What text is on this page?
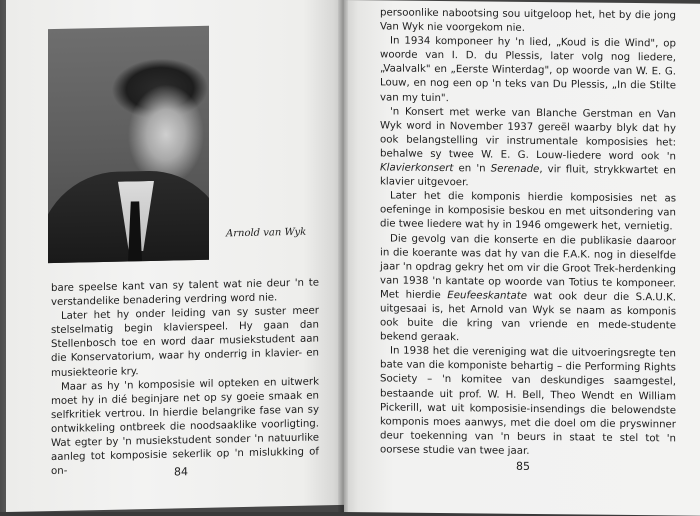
Arnold van Wyk

bare speelse kant van sy talent wat nie deur 'n te verstandelike benadering verdring word nie.

Later het hy onder leiding van sy suster meer stelselmatig begin klavierspeel. Hy gaan dan Stellenbosch toe en word daar musiekstudent aan die Konservatorium, waar hy onderrig in klavier- en musiekteorie kry.

Maar as hy 'n komposisie wil opteken en uitwerk moet hy in dié beginjare net op sy goeie smaak en selfkritiek vertrou. In hierdie belangrike fase van sy ontwikkeling ontbreek die noodsaaklike voorligting. Wat egter by 'n musiekstudent sonder 'n natuurlike aanleg tot komposisie sekerlik op 'n mislukking of on-	84

persoonlike nabootsing sou uitgeloop het, het by die jong Van Wyk nie voorgekom nie.

In 1934 komponeer hy 'n lied, „Koud is die Wind", op woorde van I. D. du Plessis, later volg nog liedere, „Vaalvalk" en „Eerste Winterdag", op woorde van W. E. G. Louw, en nog een op 'n teks van Du Plessis, „In die Stilte van my tuin".

'n Konsert met werke van Blanche Gerstman en Van Wyk word in November 1937 gereël waarby blyk dat hy ook belangstelling vir instrumentale komposisies het: behalwe sy twee W. E. G. Louw-liedere word ook 'n Klavierkonsert en 'n Serenade, vir fluit, strykkwartet en klavier uitgevoer.

Later het die komponis hierdie komposisies net as oefeninge in komposisie beskou en met uitsondering van die twee liedere wat hy in 1946 omgewerk het, vernietig.

Die gevolg van die konserte en die publikasie daaroor in die koerante was dat hy van die F.A.K. nog in dieselfde jaar 'n opdrag gekry het om vir die Groot Trek-herdenking van 1938 'n kantate op woorde van Totius te komponeer. Met hierdie Eeufeeskantate wat ook deur die S.A.U.K. uitgesaai is, het Arnold van Wyk se naam as komponis ook buite die kring van vriende en mede-studente bekend geraak.

In 1938 het die vereniging wat die uitvoeringsregte ten bate van die komponiste behartig – die Performing Rights Society – 'n komitee van deskundiges saamgestel, bestaande uit prof. W. H. Bell, Theo Wendt en William Pickerill, wat uit komposisie-insendings die belowendste komponis moes aanwys, met die doel om die pryswinner deur toekenning van 'n beurs in staat te stel tot 'n oorsese studie van twee jaar.

85
